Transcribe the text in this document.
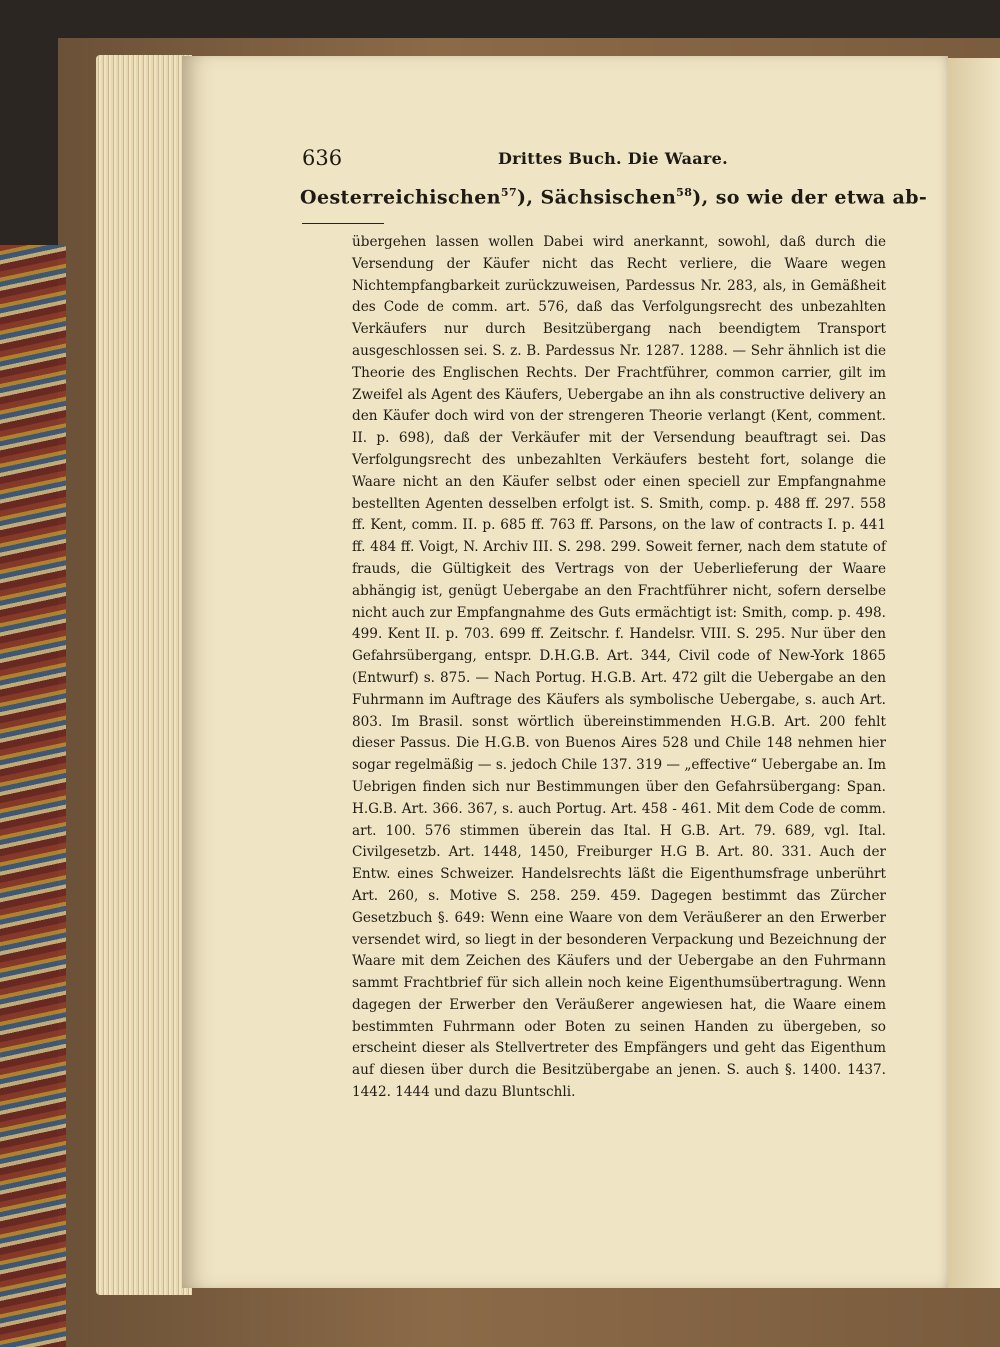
636	Drittes Buch. Die Waare.
Oesterreichischen$^{57}$), Sächsischen$^{58}$), so wie der etwa ab-

übergehen lassen wollen Dabei wird anerkannt, sowohl, daß durch die Versendung der Käufer nicht das Recht verliere, die Waare wegen Nichtempfangbarkeit zurückzuweisen, Pardessus Nr. 283, als, in Gemäßheit des Code de comm. art. 576, daß das Verfolgungsrecht des unbezahlten Verkäufers nur durch Besitzübergang nach beendigtem Transport ausgeschlossen sei. S. z. B. Pardessus Nr. 1287. 1288. — Sehr ähnlich ist die Theorie des Englischen Rechts. Der Frachtführer, common carrier, gilt im Zweifel als Agent des Käufers, Uebergabe an ihn als constructive delivery an den Käufer doch wird von der strengeren Theorie verlangt (Kent, comment. II. p. 698), daß der Verkäufer mit der Versendung beauftragt sei. Das Verfolgungsrecht des unbezahlten Verkäufers besteht fort, solange die Waare nicht an den Käufer selbst oder einen speciell zur Empfangnahme bestellten Agenten desselben erfolgt ist. S. Smith, comp. p. 488 ff. 297. 558 ff. Kent, comm. II. p. 685 ff. 763 ff. Parsons, on the law of contracts I. p. 441 ff. 484 ff. Voigt, N. Archiv III. S. 298. 299. Soweit ferner, nach dem statute of frauds, die Gültigkeit des Vertrags von der Ueberlieferung der Waare abhängig ist, genügt Uebergabe an den Frachtführer nicht, sofern derselbe nicht auch zur Empfangnahme des Guts ermächtigt ist: Smith, comp. p. 498. 499. Kent II. p. 703. 699 ff. Zeitschr. f. Handelsr. VIII. S. 295. Nur über den Gefahrsübergang, entspr. D.H.G.B. Art. 344, Civil code of New-York 1865 (Entwurf) s. 875. — Nach Portug. H.G.B. Art. 472 gilt die Uebergabe an den Fuhrmann im Auftrage des Käufers als symbolische Uebergabe, s. auch Art. 803. Im Brasil. sonst wörtlich übereinstimmenden H.G.B. Art. 200 fehlt dieser Passus. Die H.G.B. von Buenos Aires 528 und Chile 148 nehmen hier sogar regelmäßig — s. jedoch Chile 137. 319 — „effective“ Uebergabe an. Im Uebrigen finden sich nur Bestimmungen über den Gefahrsübergang: Span. H.G.B. Art. 366. 367, s. auch Portug. Art. 458 - 461. Mit dem Code de comm. art. 100. 576 stimmen überein das Ital. H G.B. Art. 79. 689, vgl. Ital. Civilgesetzb. Art. 1448, 1450, Freiburger H.G B. Art. 80. 331. Auch der Entw. eines Schweizer. Handelsrechts läßt die Eigenthumsfrage unberührt Art. 260, s. Motive S. 258. 259. 459. Dagegen bestimmt das Zürcher Gesetzbuch §. 649: Wenn eine Waare von dem Veräußerer an den Erwerber versendet wird, so liegt in der besonderen Verpackung und Bezeichnung der Waare mit dem Zeichen des Käufers und der Uebergabe an den Fuhrmann sammt Frachtbrief für sich allein noch keine Eigenthumsübertragung. Wenn dagegen der Erwerber den Veräußerer angewiesen hat, die Waare einem bestimmten Fuhrmann oder Boten zu seinen Handen zu übergeben, so erscheint dieser als Stellvertreter des Empfängers und geht das Eigenthum auf diesen über durch die Besitzübergabe an jenen. S. auch §. 1400. 1437. 1442. 1444 und dazu Bluntschli.
